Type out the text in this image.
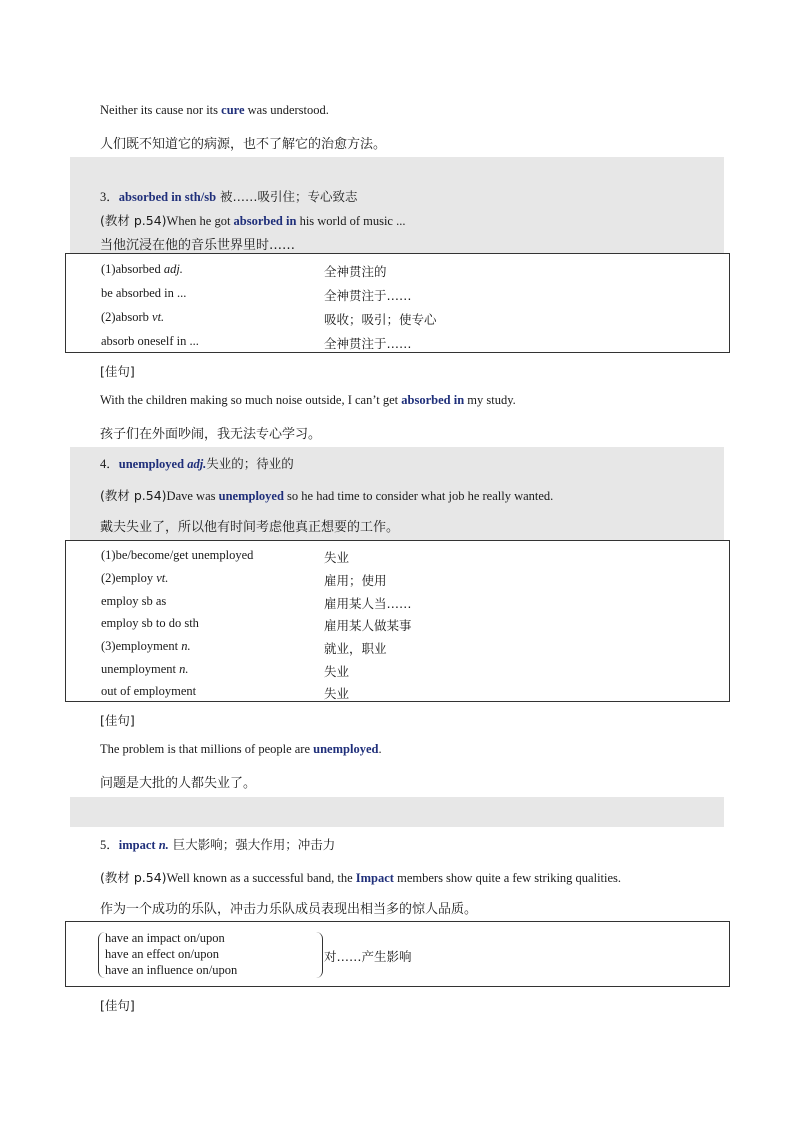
Neither its cause nor its cure was understood.
人们既不知道它的病源，也不了解它的治愈方法。
3．absorbed in sth/sb 被……吸引住；专心致志
(教材 p.54)When he got absorbed in his world of music ...
当他沉浸在他的音乐世界里时……
(1)absorbed adj.	全神贯注的
be absorbed in ...	全神贯注于……
(2)absorb vt.	吸收；吸引；使专心
absorb oneself in ...	全神贯注于……
[佳句]
With the children making so much noise outside, I can’t get absorbed in my study.
孩子们在外面吵闹，我无法专心学习。
4．unemployed adj.失业的；待业的
(教材 p.54)Dave was unemployed so he had time to consider what job he really wanted.
戴夫失业了，所以他有时间考虑他真正想要的工作。
(1)be/become/get unemployed	失业
(2)employ vt.	雇用；使用
employ sb as	雇用某人当……
employ sb to do sth	雇用某人做某事
(3)employment n.	就业，职业
unemployment n.	失业
out of employment	失业
[佳句]
The problem is that millions of people are unemployed.
问题是大批的人都失业了。
5．impact n. 巨大影响；强大作用；冲击力
(教材 p.54)Well known as a successful band, the Impact members show quite a few striking qualities.
作为一个成功的乐队，冲击力乐队成员表现出相当多的惊人品质。
have an impact on/upon
have an effect on/upon
have an influence on/upon
对……产生影响
[佳句]
